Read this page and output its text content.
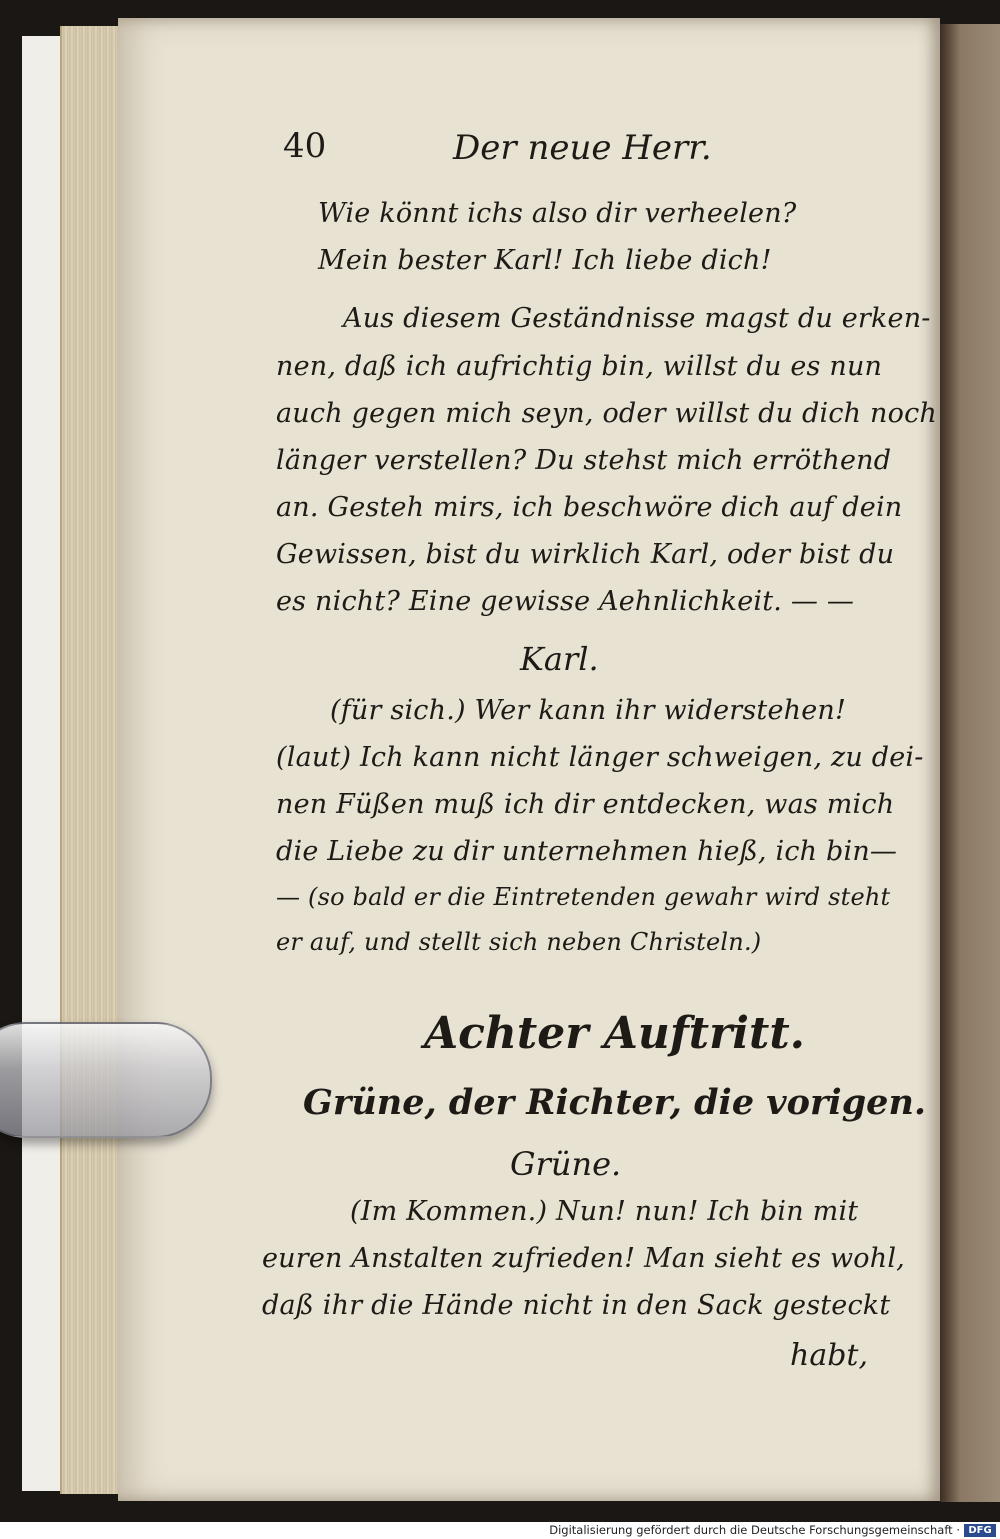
40	Der neue Herr.
Wie könnt ichs also dir verheelen?
Mein bester Karl! Ich liebe dich!
Aus diesem Geständnisse magst du erken-
nen, daß ich aufrichtig bin, willst du es nun
auch gegen mich seyn, oder willst du dich noch
länger verstellen? Du stehst mich erröthend
an. Gesteh mirs, ich beschwöre dich auf dein
Gewissen, bist du wirklich Karl, oder bist du
es nicht? Eine gewisse Aehnlichkeit. — —
Karl.
(für sich.) Wer kann ihr widerstehen!
(laut) Ich kann nicht länger schweigen, zu dei-
nen Füßen muß ich dir entdecken, was mich
die Liebe zu dir unternehmen hieß, ich bin—
— (so bald er die Eintretenden gewahr wird steht
er auf, und stellt sich neben Christeln.)
Achter Auftritt.
Grüne, der Richter, die vorigen.
Grüne.
(Im Kommen.) Nun! nun! Ich bin mit
euren Anstalten zufrieden! Man sieht es wohl,
daß ihr die Hände nicht in den Sack gesteckt
habt,
Digitalisierung gefördert durch die Deutsche Forschungsgemeinschaft · DFG
